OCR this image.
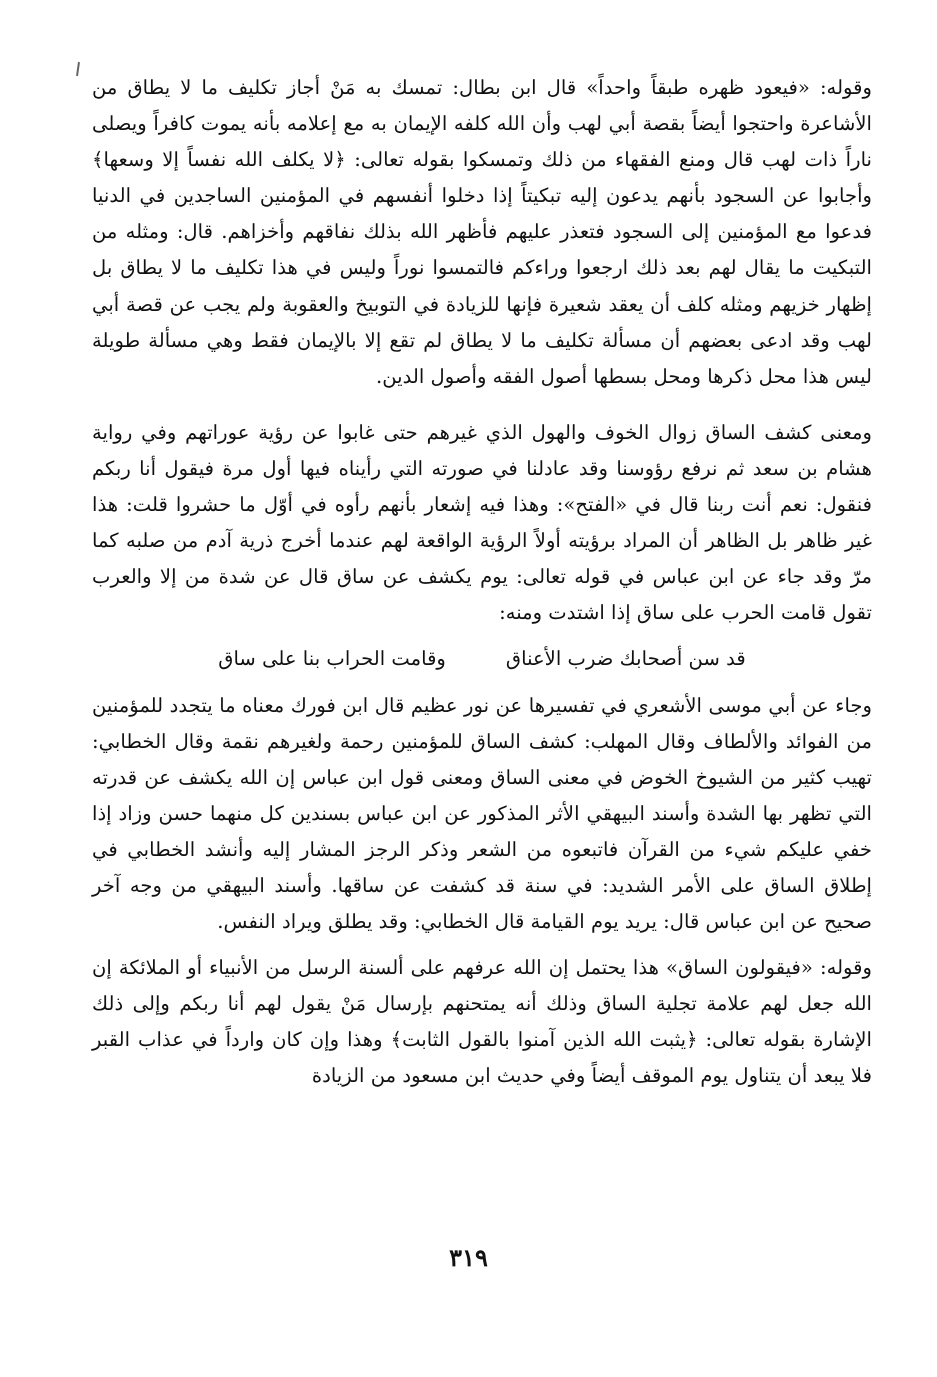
وقوله: «فيعود ظهره طبقاً واحداً» قال ابن بطال: تمسك به مَنْ أجاز تكليف ما لا يطاق من الأشاعرة واحتجوا أيضاً بقصة أبي لهب وأن الله كلفه الإيمان به مع إعلامه بأنه يموت كافراً ويصلى ناراً ذات لهب قال ومنع الفقهاء من ذلك وتمسكوا بقوله تعالى: ﴿لا يكلف الله نفساً إلا وسعها﴾ وأجابوا عن السجود بأنهم يدعون إليه تبكيتاً إذا دخلوا أنفسهم في المؤمنين الساجدين في الدنيا فدعوا مع المؤمنين إلى السجود فتعذر عليهم فأظهر الله بذلك نفاقهم وأخزاهم. قال: ومثله من التبكيت ما يقال لهم بعد ذلك ارجعوا وراءكم فالتمسوا نوراً وليس في هذا تكليف ما لا يطاق بل إظهار خزيهم ومثله كلف أن يعقد شعيرة فإنها للزيادة في التوبيخ والعقوبة ولم يجب عن قصة أبي لهب وقد ادعى بعضهم أن مسألة تكليف ما لا يطاق لم تقع إلا بالإيمان فقط وهي مسألة طويلة ليس هذا محل ذكرها ومحل بسطها أصول الفقه وأصول الدين.

ومعنى كشف الساق زوال الخوف والهول الذي غيرهم حتى غابوا عن رؤية عوراتهم وفي رواية هشام بن سعد ثم نرفع رؤوسنا وقد عادلنا في صورته التي رأيناه فيها أول مرة فيقول أنا ربكم فنقول: نعم أنت ربنا قال في «الفتح»: وهذا فيه إشعار بأنهم رأوه في أوّل ما حشروا قلت: هذا غير ظاهر بل الظاهر أن المراد برؤيته أولاً الرؤية الواقعة لهم عندما أخرج ذرية آدم من صلبه كما مرّ وقد جاء عن ابن عباس في قوله تعالى: يوم يكشف عن ساق قال عن شدة من إلا والعرب تقول قامت الحرب على ساق إذا اشتدت ومنه:

قد سن أصحابك ضرب الأعناق
وقامت الحراب بنا على ساق

وجاء عن أبي موسى الأشعري في تفسيرها عن نور عظيم قال ابن فورك معناه ما يتجدد للمؤمنين من الفوائد والألطاف وقال المهلب: كشف الساق للمؤمنين رحمة ولغيرهم نقمة وقال الخطابي: تهيب كثير من الشيوخ الخوض في معنى الساق ومعنى قول ابن عباس إن الله يكشف عن قدرته التي تظهر بها الشدة وأسند البيهقي الأثر المذكور عن ابن عباس بسندين كل منهما حسن وزاد إذا خفي عليكم شيء من القرآن فاتبعوه من الشعر وذكر الرجز المشار إليه وأنشد الخطابي في إطلاق الساق على الأمر الشديد: في سنة قد كشفت عن ساقها. وأسند البيهقي من وجه آخر صحيح عن ابن عباس قال: يريد يوم القيامة قال الخطابي: وقد يطلق ويراد النفس.

وقوله: «فيقولون الساق» هذا يحتمل إن الله عرفهم على ألسنة الرسل من الأنبياء أو الملائكة إن الله جعل لهم علامة تجلية الساق وذلك أنه يمتحنهم بإرسال مَنْ يقول لهم أنا ربكم وإلى ذلك الإشارة بقوله تعالى: ﴿يثبت الله الذين آمنوا بالقول الثابت﴾ وهذا وإن كان وارداً في عذاب القبر فلا يبعد أن يتناول يوم الموقف أيضاً وفي حديث ابن مسعود من الزيادة

٣١٩
